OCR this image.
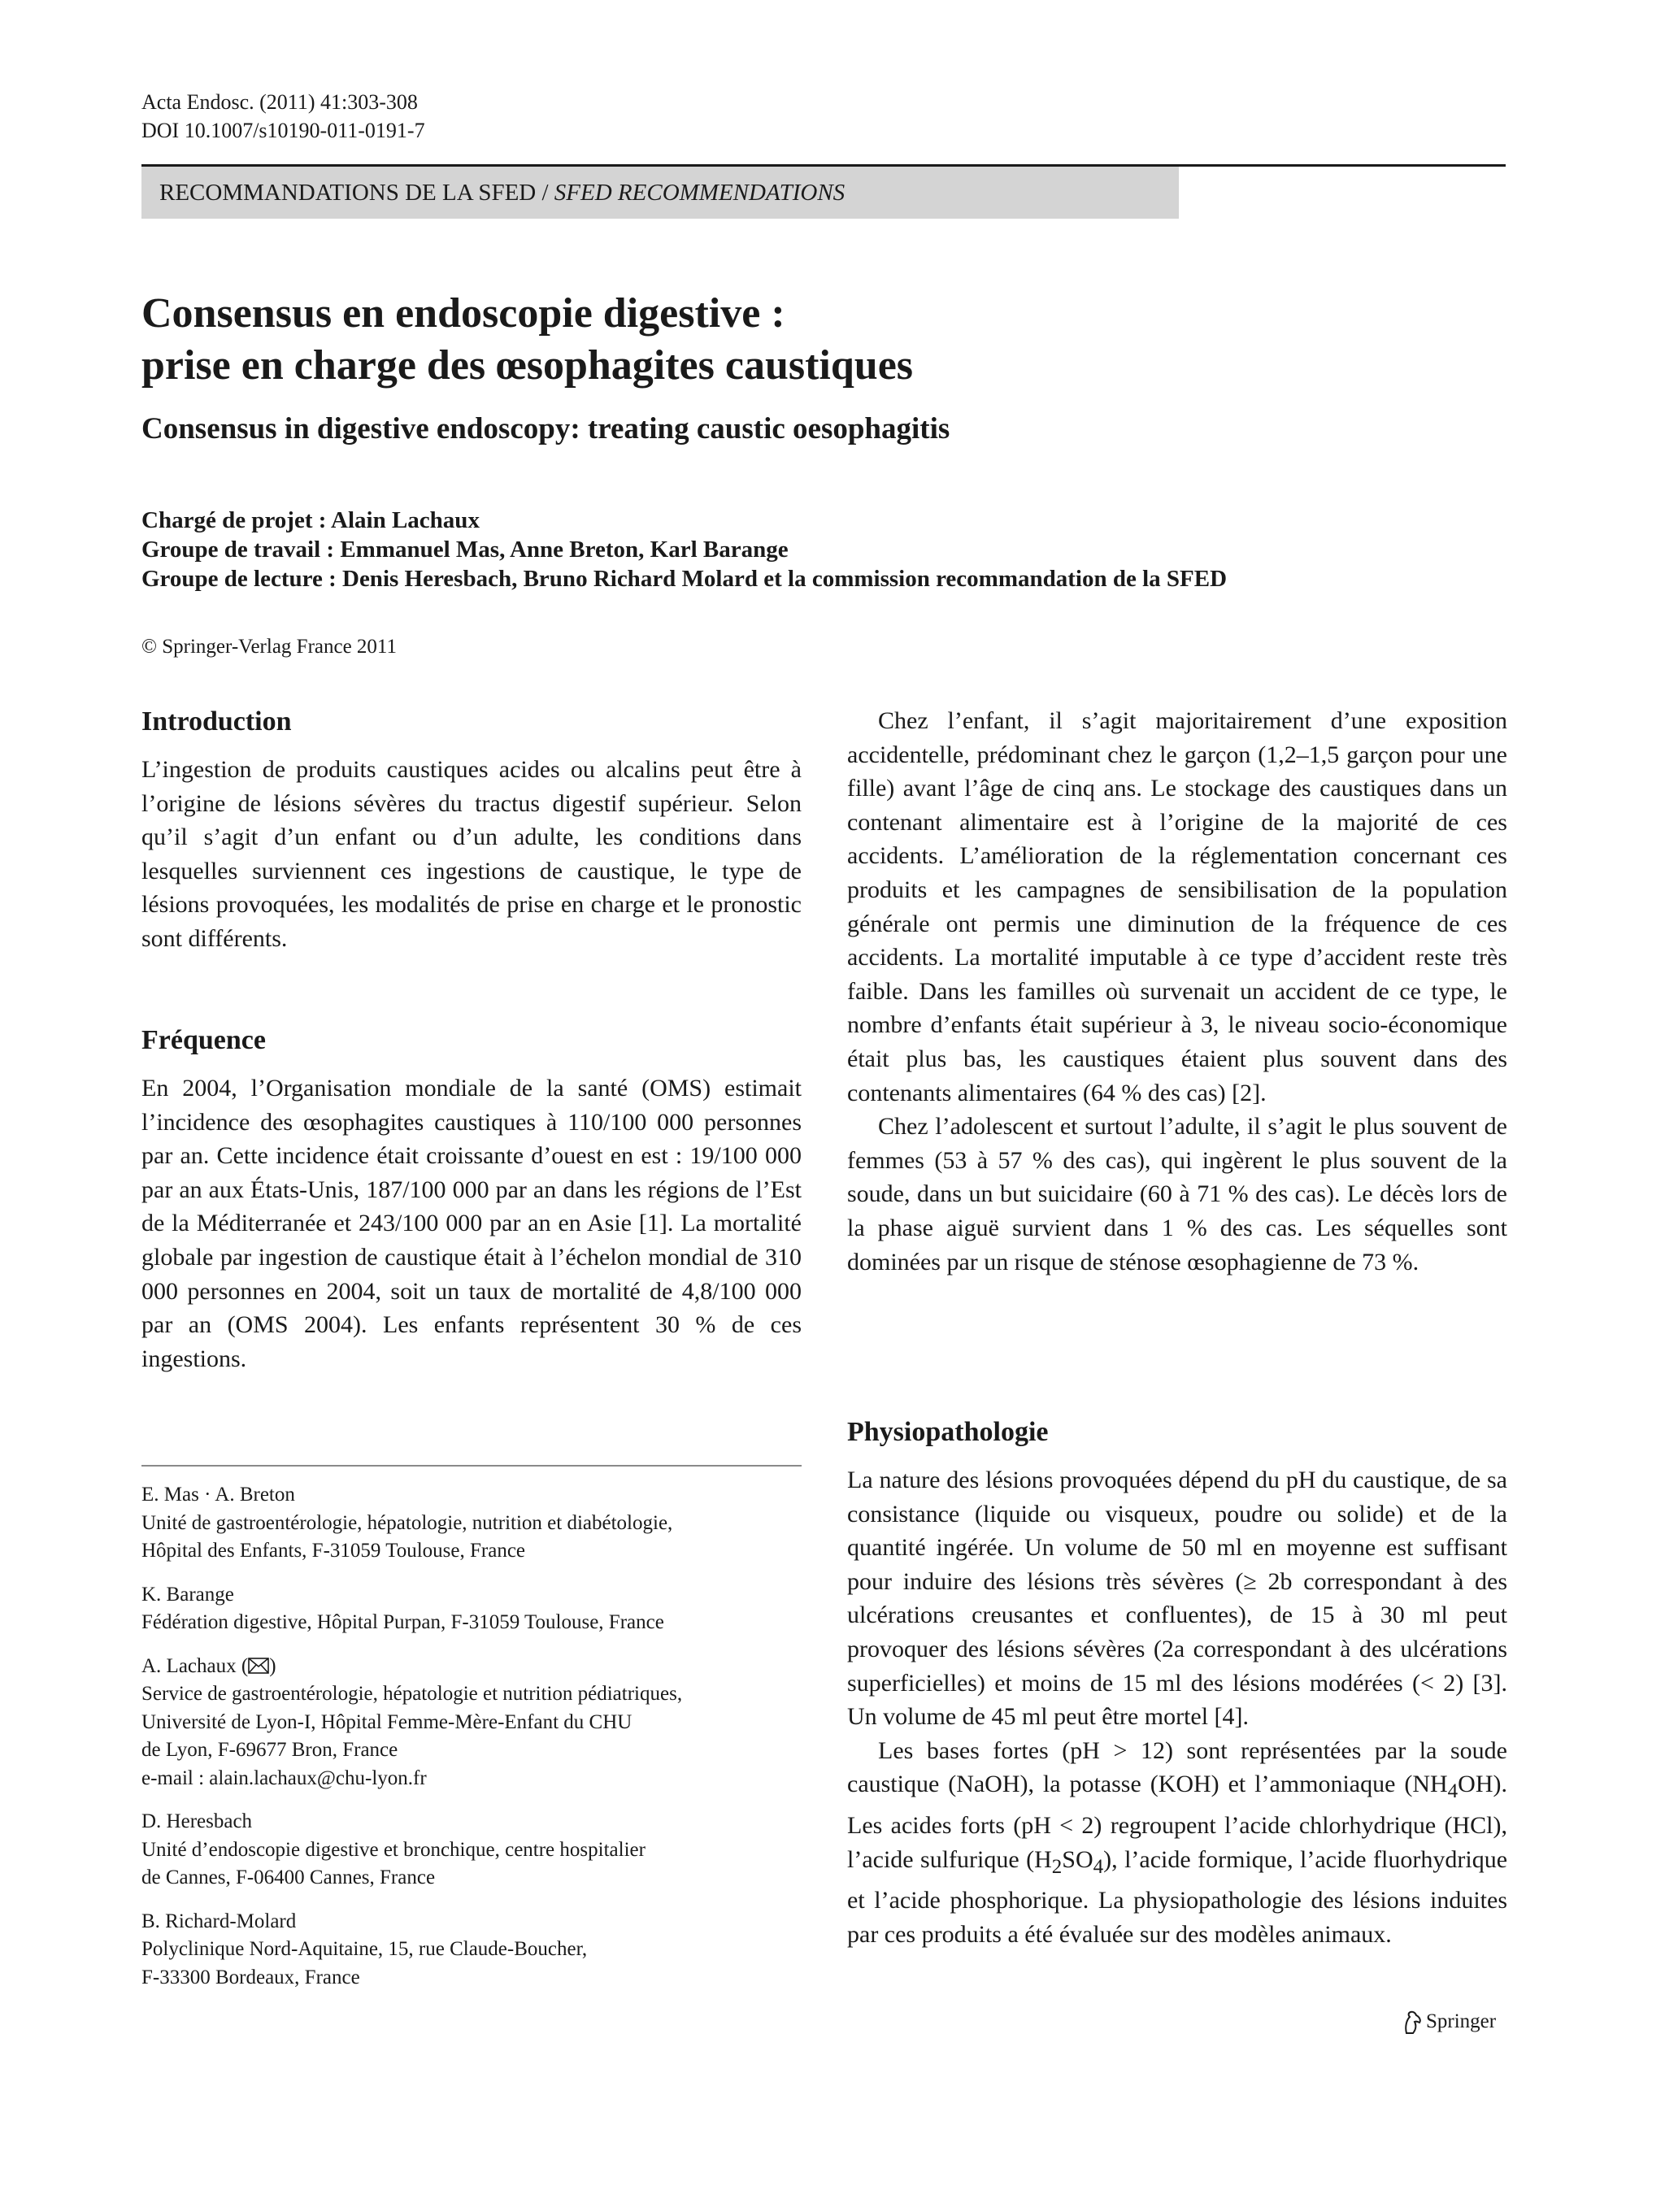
Acta Endosc. (2011) 41:303-308
DOI 10.1007/s10190-011-0191-7
RECOMMANDATIONS DE LA SFED / SFED RECOMMENDATIONS
Consensus en endoscopie digestive :
prise en charge des œsophagites caustiques
Consensus in digestive endoscopy: treating caustic oesophagitis
Chargé de projet : Alain Lachaux
Groupe de travail : Emmanuel Mas, Anne Breton, Karl Barange
Groupe de lecture : Denis Heresbach, Bruno Richard Molard et la commission recommandation de la SFED
© Springer-Verlag France 2011
Introduction

L’ingestion de produits caustiques acides ou alcalins peut être à l’origine de lésions sévères du tractus digestif supérieur. Selon qu’il s’agit d’un enfant ou d’un adulte, les conditions dans lesquelles surviennent ces ingestions de caustique, le type de lésions provoquées, les modalités de prise en charge et le pronostic sont différents.

Fréquence

En 2004, l’Organisation mondiale de la santé (OMS) estimait l’incidence des œsophagites caustiques à 110/100 000 personnes par an. Cette incidence était croissante d’ouest en est : 19/100 000 par an aux États-Unis, 187/100 000 par an dans les régions de l’Est de la Méditerranée et 243/100 000 par an en Asie [1]. La mortalité globale par ingestion de caustique était à l’échelon mondial de 310 000 personnes en 2004, soit un taux de mortalité de 4,8/100 000 par an (OMS 2004). Les enfants représentent 30 % de ces ingestions.

E. Mas · A. Breton
Unité de gastroentérologie, hépatologie, nutrition et diabétologie,
Hôpital des Enfants, F-31059 Toulouse, France
K. Barange
Fédération digestive, Hôpital Purpan, F-31059 Toulouse, France
A. Lachaux ( )
Service de gastroentérologie, hépatologie et nutrition pédiatriques,
Université de Lyon-I, Hôpital Femme-Mère-Enfant du CHU
de Lyon, F-69677 Bron, France
e-mail : alain.lachaux@chu-lyon.fr
D. Heresbach
Unité d’endoscopie digestive et bronchique, centre hospitalier
de Cannes, F-06400 Cannes, France
B. Richard-Molard
Polyclinique Nord-Aquitaine, 15, rue Claude-Boucher,
F-33300 Bordeaux, France

Chez l’enfant, il s’agit majoritairement d’une exposition accidentelle, prédominant chez le garçon (1,2–1,5 garçon pour une fille) avant l’âge de cinq ans. Le stockage des caustiques dans un contenant alimentaire est à l’origine de la majorité de ces accidents. L’amélioration de la réglementation concernant ces produits et les campagnes de sensibilisation de la population générale ont permis une diminution de la fréquence de ces accidents. La mortalité imputable à ce type d’accident reste très faible. Dans les familles où survenait un accident de ce type, le nombre d’enfants était supérieur à 3, le niveau socio-économique était plus bas, les caustiques étaient plus souvent dans des contenants alimentaires (64 % des cas) [2].

Chez l’adolescent et surtout l’adulte, il s’agit le plus souvent de femmes (53 à 57 % des cas), qui ingèrent le plus souvent de la soude, dans un but suicidaire (60 à 71 % des cas). Le décès lors de la phase aiguë survient dans 1 % des cas. Les séquelles sont dominées par un risque de sténose œsophagienne de 73 %.

Physiopathologie

La nature des lésions provoquées dépend du pH du caustique, de sa consistance (liquide ou visqueux, poudre ou solide) et de la quantité ingérée. Un volume de 50 ml en moyenne est suffisant pour induire des lésions très sévères (≥ 2b correspondant à des ulcérations creusantes et confluentes), de 15 à 30 ml peut provoquer des lésions sévères (2a correspondant à des ulcérations superficielles) et moins de 15 ml des lésions modérées (< 2) [3]. Un volume de 45 ml peut être mortel [4].

Les bases fortes (pH > 12) sont représentées par la soude caustique (NaOH), la potasse (KOH) et l’ammoniaque $(NH_4OH)$. Les acides forts (pH < 2) regroupent l’acide chlorhydrique (HCl), l’acide sulfurique $(H_2SO_4)$, l’acide formique, l’acide fluorhydrique et l’acide phosphorique. La physiopathologie des lésions induites par ces produits a été évaluée sur des modèles animaux.

Springer
